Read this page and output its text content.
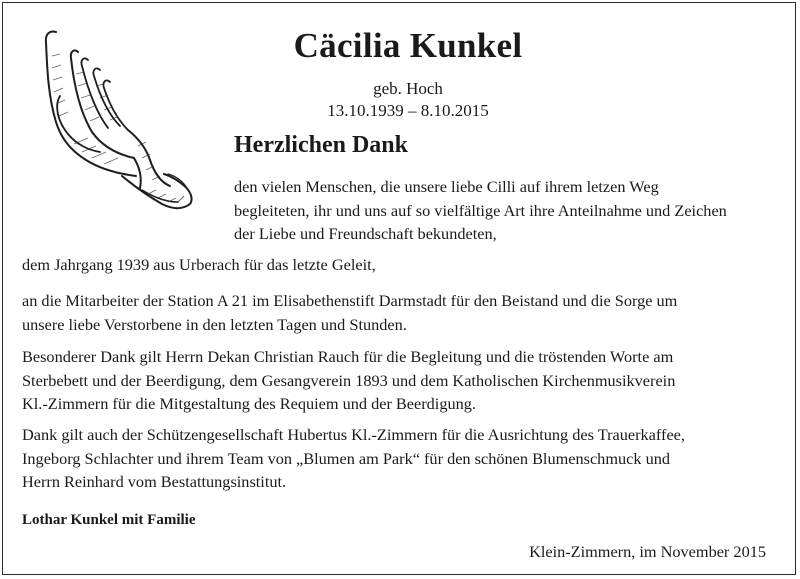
Cäcilia Kunkel
geb. Hoch
13.10.1939 – 8.10.2015
Herzlichen Dank
den vielen Menschen, die unsere liebe Cilli auf ihrem letzen Weg
begleiteten, ihr und uns auf so vielfältige Art ihre Anteilnahme und Zeichen
der Liebe und Freundschaft bekundeten,
dem Jahrgang 1939 aus Urberach für das letzte Geleit,
an die Mitarbeiter der Station A 21 im Elisabethenstift Darmstadt für den Beistand und die Sorge um
unsere liebe Verstorbene in den letzten Tagen und Stunden.
Besonderer Dank gilt Herrn Dekan Christian Rauch für die Begleitung und die tröstenden Worte am
Sterbebett und der Beerdigung, dem Gesangverein 1893 und dem Katholischen Kirchenmusikverein
Kl.-Zimmern für die Mitgestaltung des Requiem und der Beerdigung.
Dank gilt auch der Schützengesellschaft Hubertus Kl.-Zimmern für die Ausrichtung des Trauerkaffee,
Ingeborg Schlachter und ihrem Team von „Blumen am Park“ für den schönen Blumenschmuck und
Herrn Reinhard vom Bestattungsinstitut.
Lothar Kunkel mit Familie
Klein-Zimmern, im November 2015
